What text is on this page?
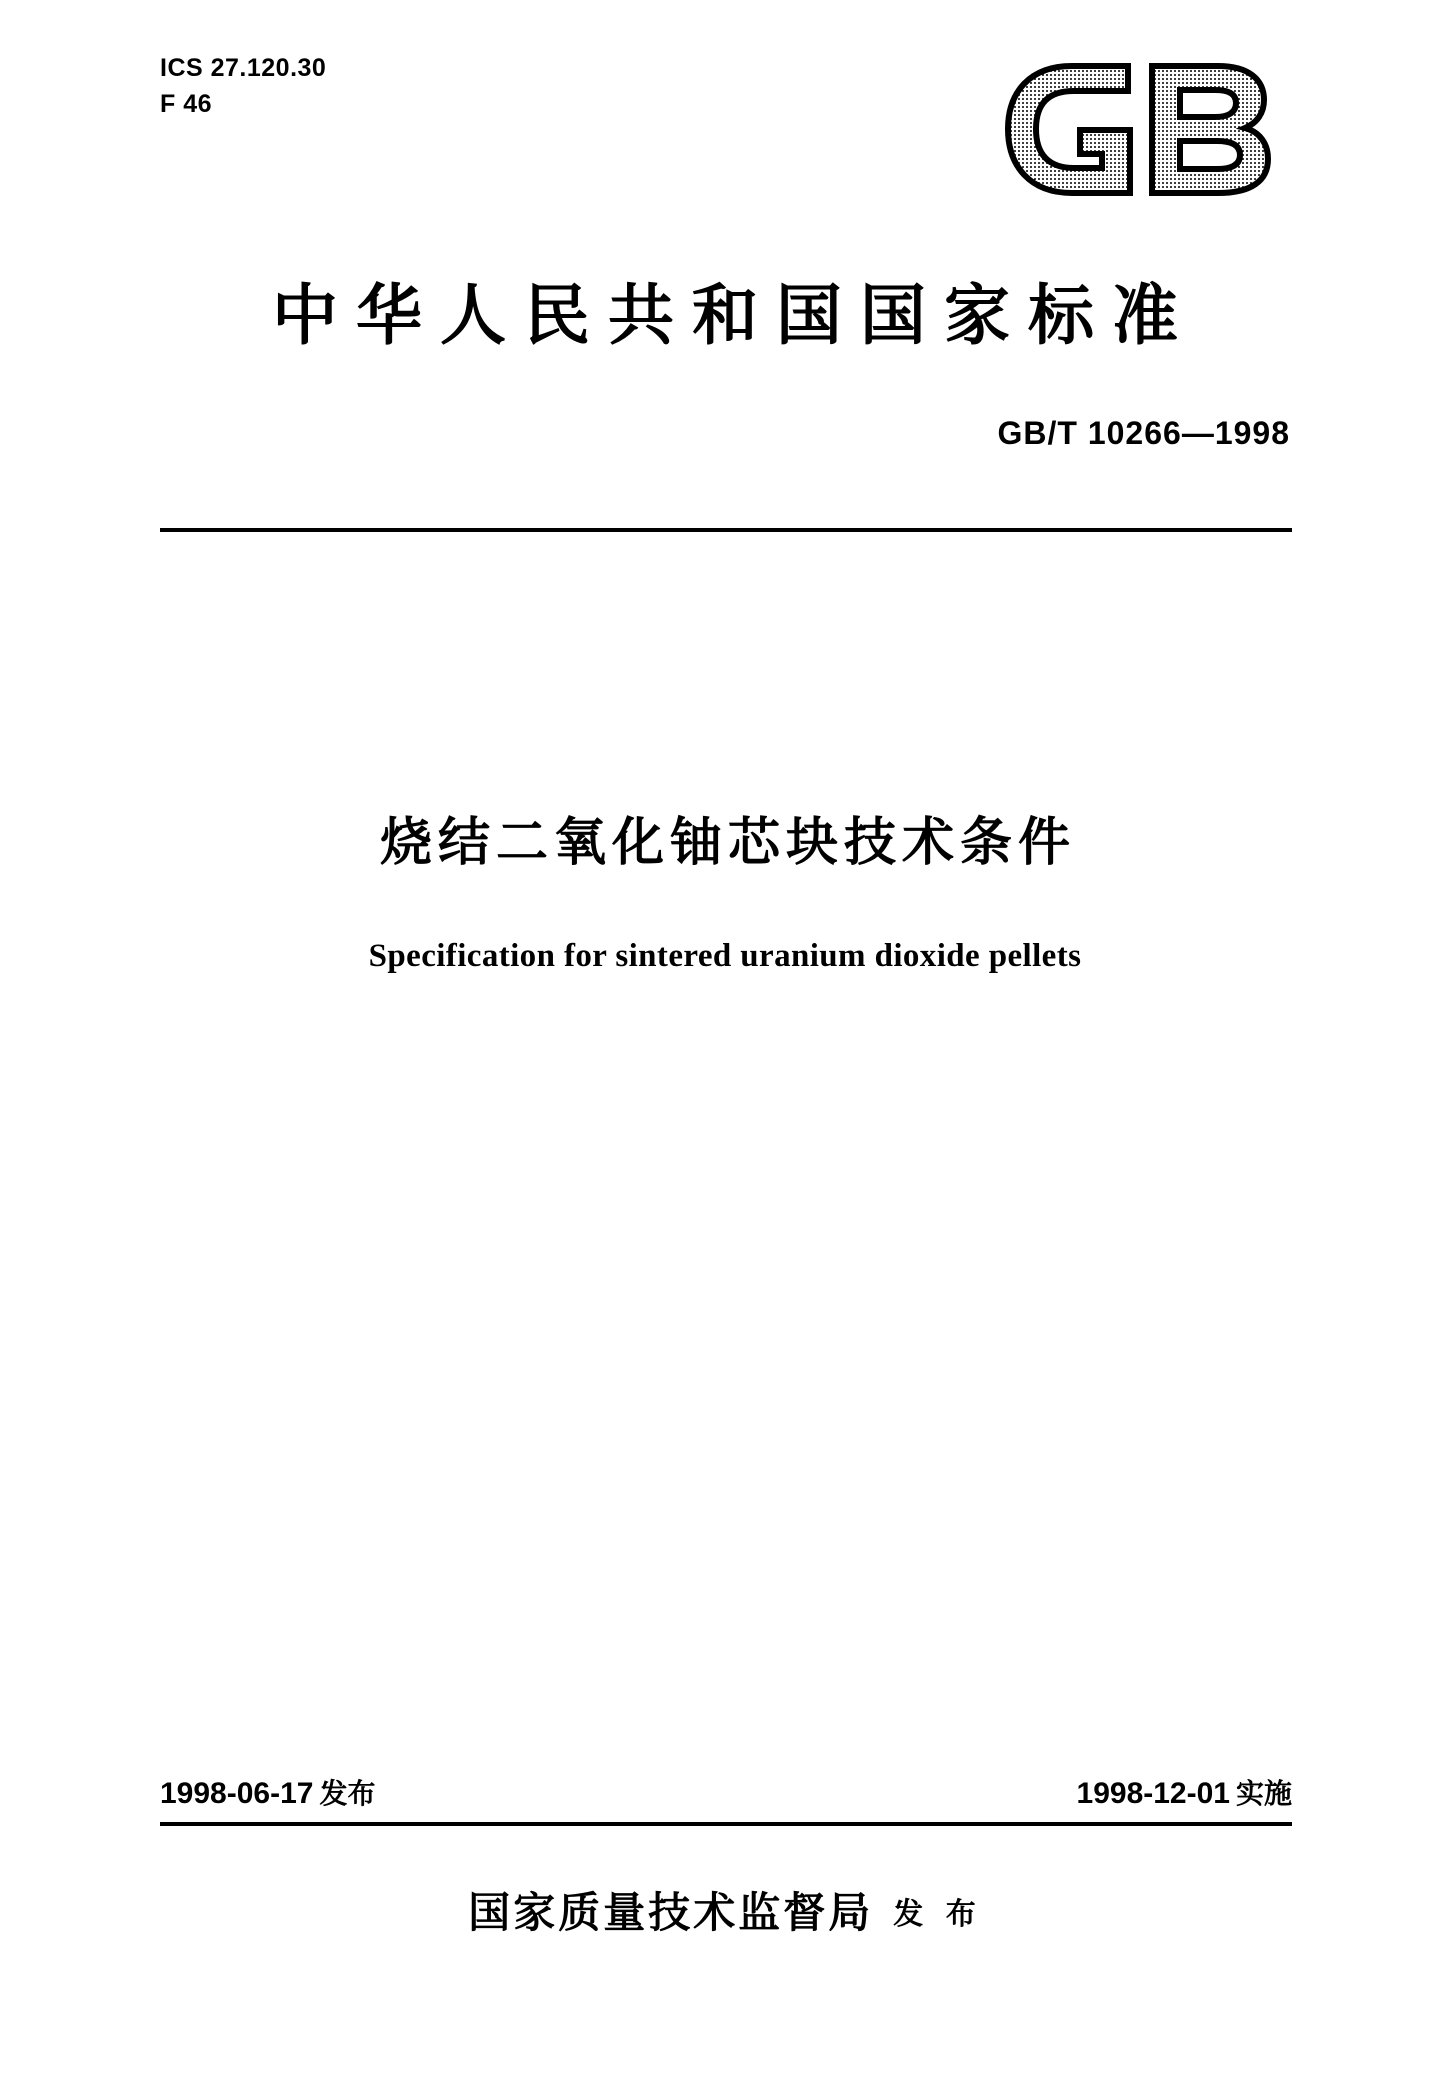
ICS 27.120.30
F 46
中华人民共和国国家标准
GB/T 10266—1998
烧结二氧化铀芯块技术条件
Specification for sintered uranium dioxide pellets
1998-06-17 发布	1998-12-01 实施
国家质量技术监督局 发 布
